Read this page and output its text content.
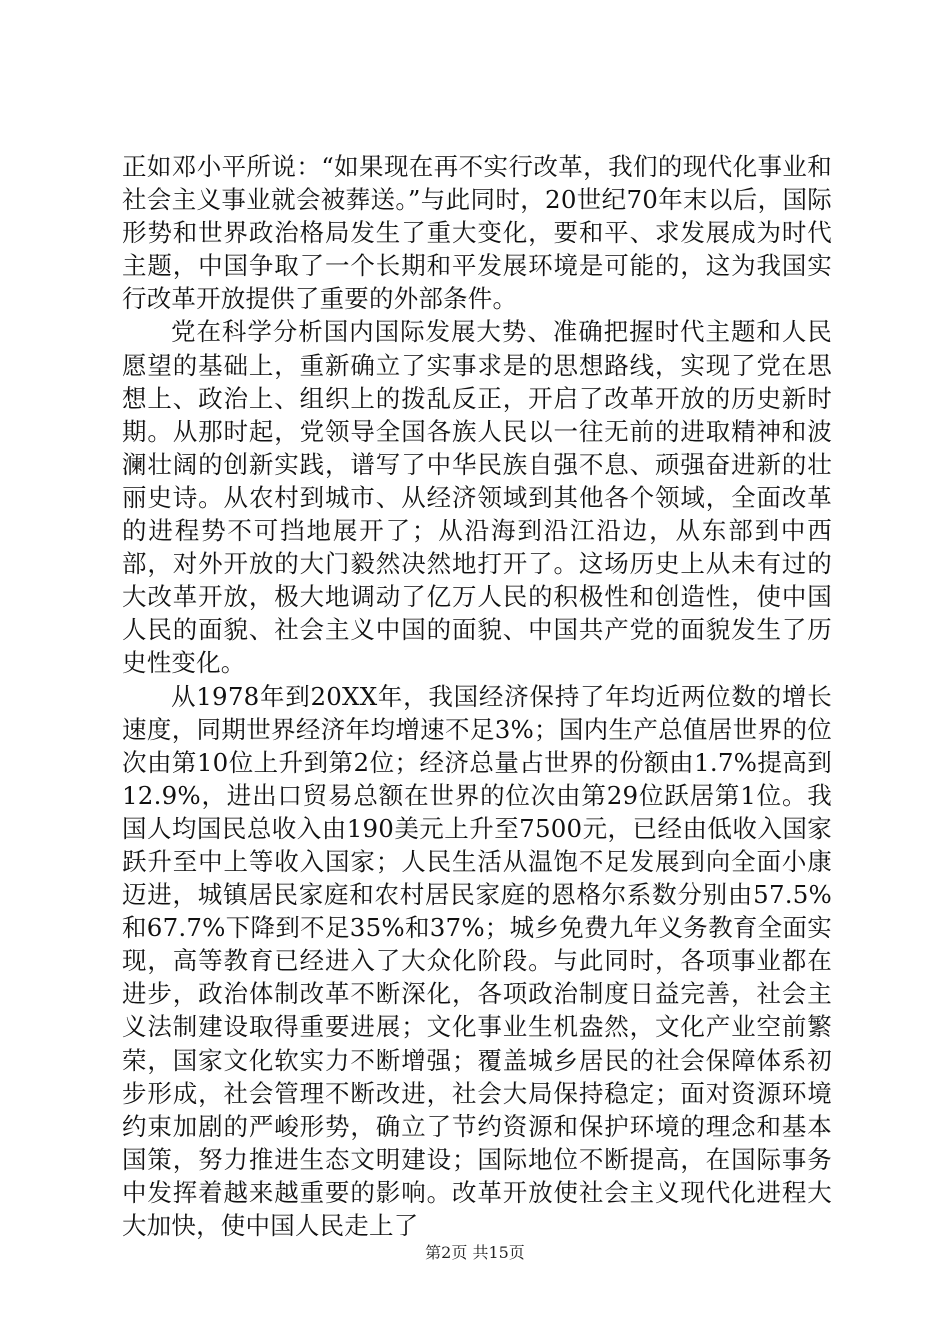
正如邓小平所说：“如果现在再不实行改革，我们的现代化事业和社会主义事业就会被葬送。”与此同时，20世纪70年末以后，国际形势和世界政治格局发生了重大变化，要和平、求发展成为时代主题，中国争取了一个长期和平发展环境是可能的，这为我国实行改革开放提供了重要的外部条件。

党在科学分析国内国际发展大势、准确把握时代主题和人民愿望的基础上，重新确立了实事求是的思想路线，实现了党在思想上、政治上、组织上的拨乱反正，开启了改革开放的历史新时期。从那时起，党领导全国各族人民以一往无前的进取精神和波澜壮阔的创新实践，谱写了中华民族自强不息、顽强奋进新的壮丽史诗。从农村到城市、从经济领域到其他各个领域，全面改革的进程势不可挡地展开了；从沿海到沿江沿边，从东部到中西部，对外开放的大门毅然决然地打开了。这场历史上从未有过的大改革开放，极大地调动了亿万人民的积极性和创造性，使中国人民的面貌、社会主义中国的面貌、中国共产党的面貌发生了历史性变化。

从1978年到20XX年，我国经济保持了年均近两位数的增长速度，同期世界经济年均增速不足3%；国内生产总值居世界的位次由第10位上升到第2位；经济总量占世界的份额由1.7%提高到12.9%，进出口贸易总额在世界的位次由第29位跃居第1位。我国人均国民总收入由190美元上升至7500元，已经由低收入国家跃升至中上等收入国家；人民生活从温饱不足发展到向全面小康迈进，城镇居民家庭和农村居民家庭的恩格尔系数分别由57.5%和67.7%下降到不足35%和37%；城乡免费九年义务教育全面实现，高等教育已经进入了大众化阶段。与此同时，各项事业都在进步，政治体制改革不断深化，各项政治制度日益完善，社会主义法制建设取得重要进展；文化事业生机盎然，文化产业空前繁荣，国家文化软实力不断增强；覆盖城乡居民的社会保障体系初步形成，社会管理不断改进，社会大局保持稳定；面对资源环境约束加剧的严峻形势，确立了节约资源和保护环境的理念和基本国策，努力推进生态文明建设；国际地位不断提高，在国际事务中发挥着越来越重要的影响。改革开放使社会主义现代化进程大大加快，使中国人民走上了

第2页 共15页
